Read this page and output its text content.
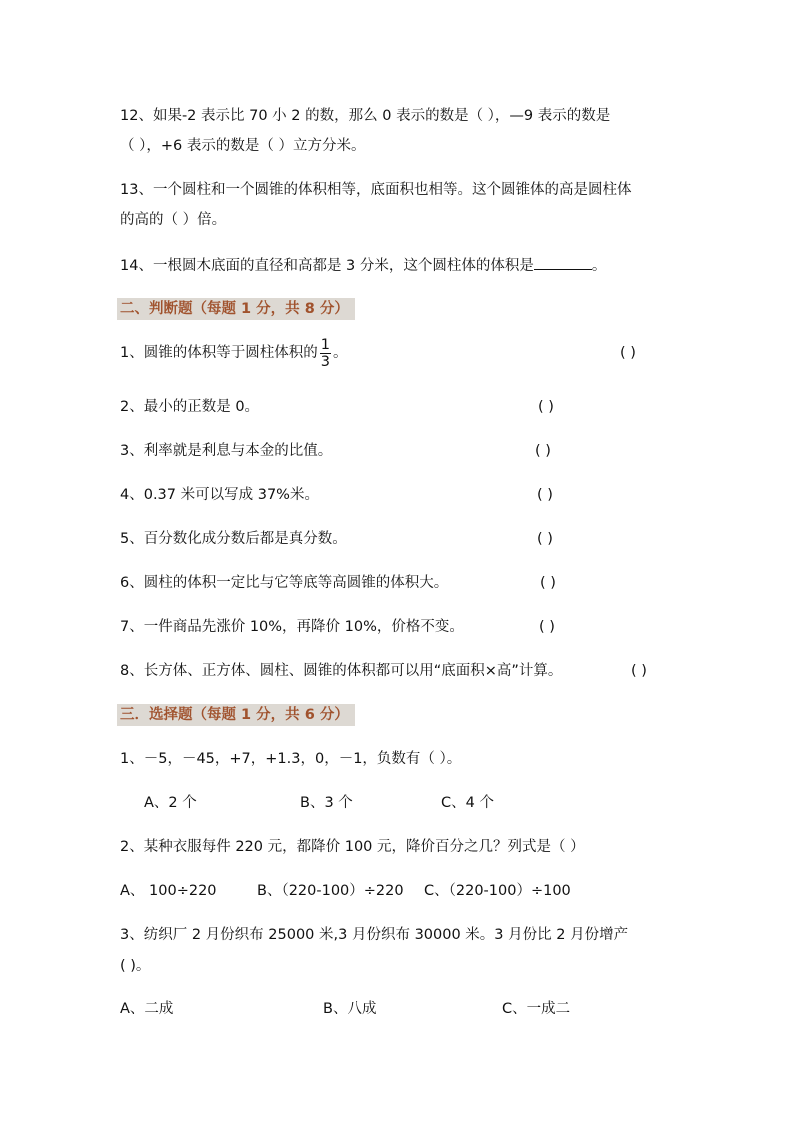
12、如果-2 表示比 70 小 2 的数，那么 0 表示的数是（ ），—9 表示的数是
（ ），+6 表示的数是（ ）立方分米。
13、一个圆柱和一个圆锥的体积相等，底面积也相等。这个圆锥体的高是圆柱体
的高的（ ）倍。
14、一根圆木底面的直径和高都是 3 分米，这个圆柱体的体积是	。
二、判断题（每题 1 分，共 8 分）
1、圆锥的体积等于圆柱体积的 $\frac{1}{3}$ 。	( )
2、最小的正数是 0。	( )
3、利率就是利息与本金的比值。	( )
4、0.37 米可以写成 37%米。	( )
5、百分数化成分数后都是真分数。	( )
6、圆柱的体积一定比与它等底等高圆锥的体积大。	( )
7、一件商品先涨价 10%，再降价 10%，价格不变。	( )
8、长方体、正方体、圆柱、圆锥的体积都可以用“底面积×高”计算。	( )
三．选择题（每题 1 分，共 6 分）
1、－5，－45，+7，+1.3，0，－1，负数有（ ）。
A、2 个	B、3 个	C、4 个
2、某种衣服每件 220 元，都降价 100 元，降价百分之几？列式是（ ）
A、 100÷220	B、（220-100）÷220 C、（220-100）÷100
3、纺织厂 2 月份织布 25000 米,3 月份织布 30000 米。3 月份比 2 月份增产
( )。
A、二成	B、八成	C、一成二
